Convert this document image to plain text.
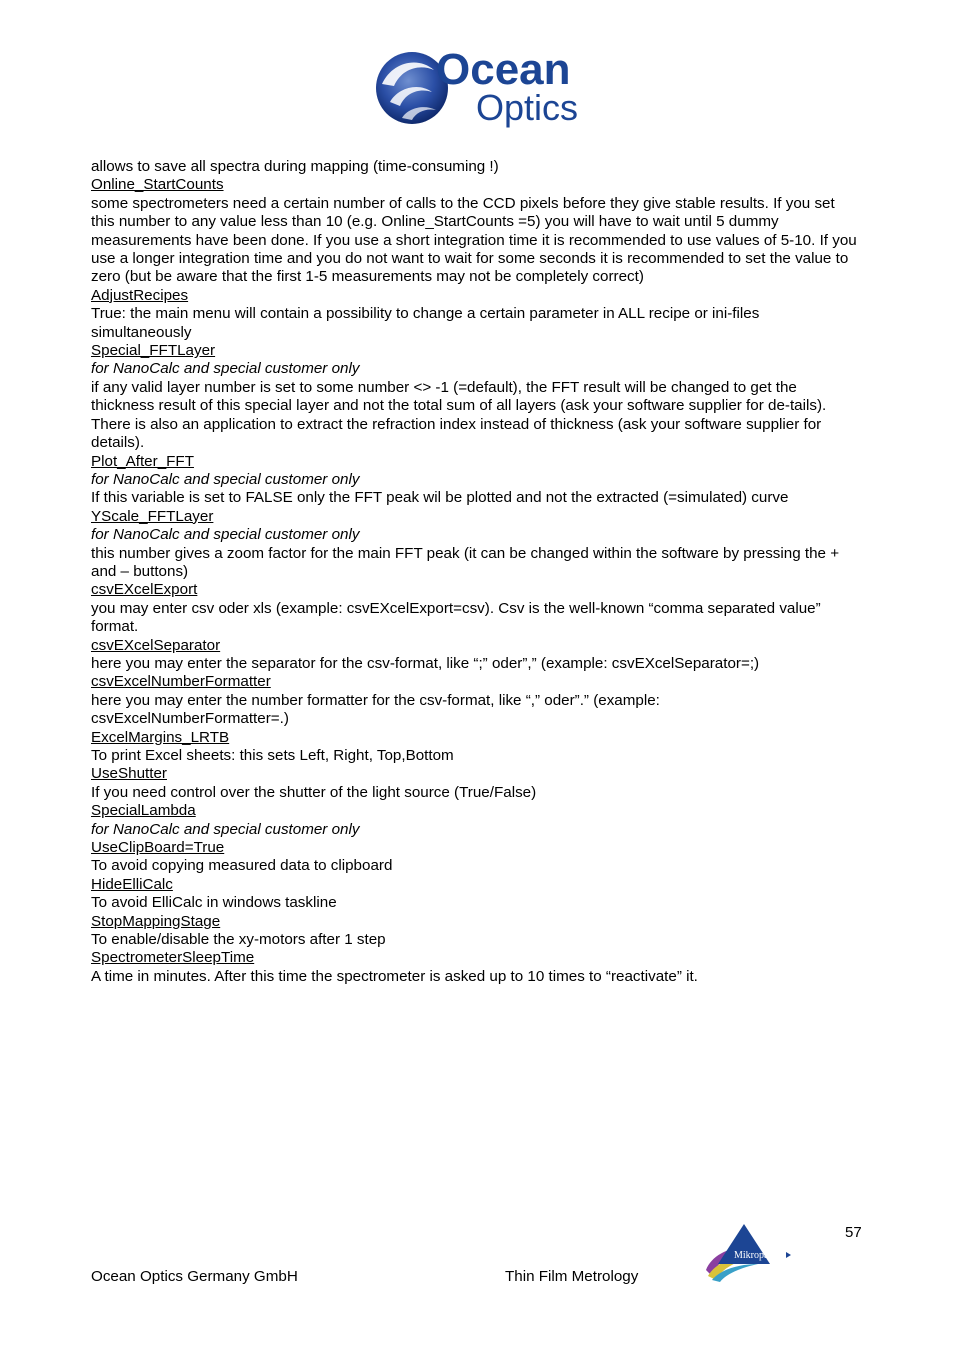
Ocean
Optics

allows to save all spectra during mapping (time-consuming !)

Online_StartCounts

some spectrometers need a certain number of calls to the CCD pixels before they give stable results. If you set this number to any value less than 10 (e.g. Online_StartCounts =5) you will have to wait until 5 dummy measurements have been done. If you use a short integration time it is recommended to use values of 5-10. If you use a longer integration time and you do not want to wait for some seconds it is recommended to set the value to zero (but be aware that the first 1-5 measurements may not be completely correct)

AdjustRecipes

True: the main menu will contain a possibility to change a certain parameter in ALL recipe or ini-files simultaneously

Special_FFTLayer

for NanoCalc and special customer only

if any valid layer number is set to some number <> -1 (=default), the FFT result will be changed to get the thickness result of this special layer and not the total sum of all layers (ask your software supplier for de-tails).

There is also an application to extract the refraction index instead of thickness (ask your software supplier for details).

Plot_After_FFT

for NanoCalc and special customer only

If this variable is set to FALSE only the FFT peak wil be plotted and not the extracted (=simulated) curve

YScale_FFTLayer

for NanoCalc and special customer only

this number gives a zoom factor for the main FFT peak (it can be changed within the software by pressing the + and – buttons)

csvEXcelExport

you may enter csv oder xls (example: csvEXcelExport=csv). Csv is the well-known “comma separated value” format.

csvEXcelSeparator

here you may enter the separator for the csv-format, like “;” oder”,” (example: csvEXcelSeparator=;)

csvExcelNumberFormatter

here you may enter the number formatter for the csv-format, like “,” oder”.” (example: csvExcelNumberFormatter=.)

ExcelMargins_LRTB

To print Excel sheets: this sets Left, Right, Top,Bottom

UseShutter

If you need control over the shutter of the light source (True/False)

SpecialLambda

for NanoCalc and special customer only

UseClipBoard=True

To avoid copying measured data to clipboard

HideElliCalc

To avoid ElliCalc in windows taskline

StopMappingStage

To enable/disable the xy-motors after 1 step

SpectrometerSleepTime

A time in minutes. After this time the spectrometer is asked up to 10 times to “reactivate” it.

57
Ocean Optics Germany GmbH	Thin Film Metrology
Mikropack
